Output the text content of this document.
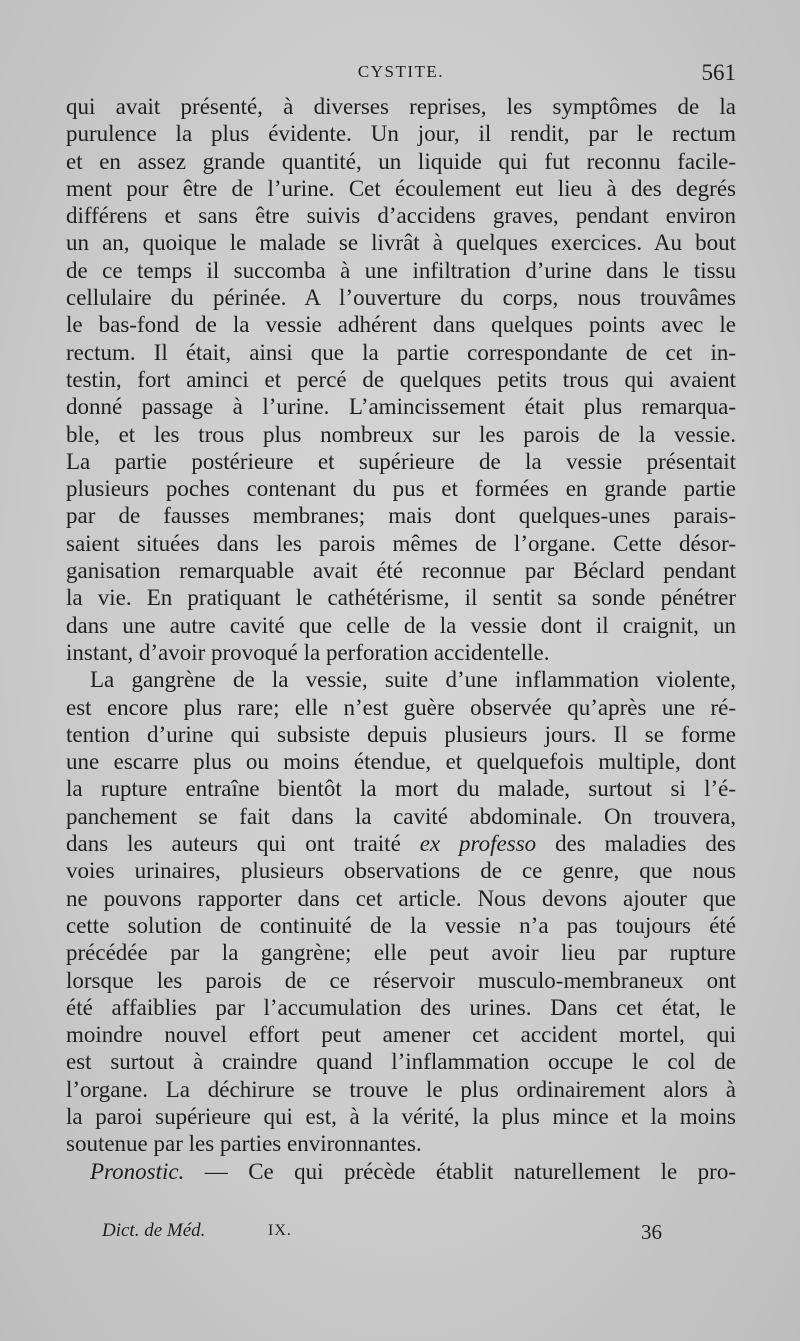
CYSTITE.	561
qui avait présenté, à diverses reprises, les symptômes de la
purulence la plus évidente. Un jour, il rendit, par le rectum
et en assez grande quantité, un liquide qui fut reconnu facile-
ment pour être de l’urine. Cet écoulement eut lieu à des degrés
différens et sans être suivis d’accidens graves, pendant environ
un an, quoique le malade se livrât à quelques exercices. Au bout
de ce temps il succomba à une infiltration d’urine dans le tissu
cellulaire du périnée. A l’ouverture du corps, nous trouvâmes
le bas-fond de la vessie adhérent dans quelques points avec le
rectum. Il était, ainsi que la partie correspondante de cet in-
testin, fort aminci et percé de quelques petits trous qui avaient
donné passage à l’urine. L’amincissement était plus remarqua-
ble, et les trous plus nombreux sur les parois de la vessie.
La partie postérieure et supérieure de la vessie présentait
plusieurs poches contenant du pus et formées en grande partie
par de fausses membranes; mais dont quelques-unes parais-
saient situées dans les parois mêmes de l’organe. Cette désor-
ganisation remarquable avait été reconnue par Béclard pendant
la vie. En pratiquant le cathétérisme, il sentit sa sonde pénétrer
dans une autre cavité que celle de la vessie dont il craignit, un
instant, d’avoir provoqué la perforation accidentelle.
La gangrène de la vessie, suite d’une inflammation violente,
est encore plus rare; elle n’est guère observée qu’après une ré-
tention d’urine qui subsiste depuis plusieurs jours. Il se forme
une escarre plus ou moins étendue, et quelquefois multiple, dont
la rupture entraîne bientôt la mort du malade, surtout si l’é-
panchement se fait dans la cavité abdominale. On trouvera,
dans les auteurs qui ont traité ex professo des maladies des
voies urinaires, plusieurs observations de ce genre, que nous
ne pouvons rapporter dans cet article. Nous devons ajouter que
cette solution de continuité de la vessie n’a pas toujours été
précédée par la gangrène; elle peut avoir lieu par rupture
lorsque les parois de ce réservoir musculo-membraneux ont
été affaiblies par l’accumulation des urines. Dans cet état, le
moindre nouvel effort peut amener cet accident mortel, qui
est surtout à craindre quand l’inflammation occupe le col de
l’organe. La déchirure se trouve le plus ordinairement alors à
la paroi supérieure qui est, à la vérité, la plus mince et la moins
soutenue par les parties environnantes.
Pronostic. — Ce qui précède établit naturellement le pro-
Dict. de Méd.	IX.	36
